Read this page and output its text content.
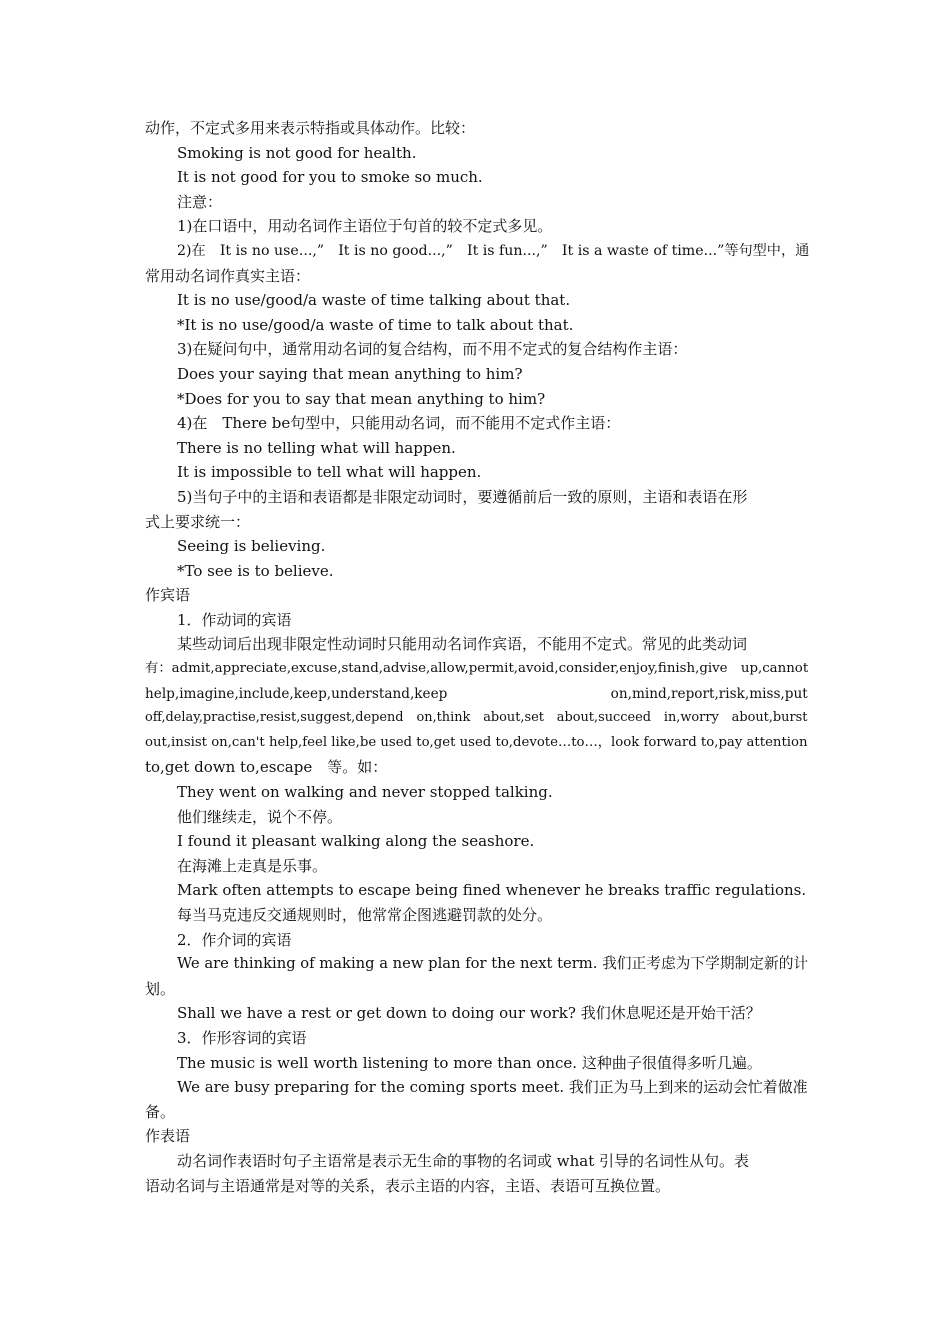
动作，不定式多用来表示特指或具体动作。比较：
Smoking is not good for health.
It is not good for you to smoke so much.
注意：
1)在口语中，用动名词作主语位于句首的较不定式多见。
2)在　It is no use...,”　It is no good...,”　It is fun...,”　It is a waste of time...”等句型中，通
常用动名词作真实主语：
It is no use/good/a waste of time talking about that.
*It is no use/good/a waste of time to talk about that.
3)在疑问句中，通常用动名词的复合结构，而不用不定式的复合结构作主语：
Does your saying that mean anything to him?
*Does for you to say that mean anything to him?
4)在　There be句型中，只能用动名词，而不能用不定式作主语：
There is no telling what will happen.
It is impossible to tell what will happen.
5)当句子中的主语和表语都是非限定动词时，要遵循前后一致的原则，主语和表语在形
式上要求统一：
Seeing is believing.
*To see is to believe.
作宾语
1．作动词的宾语
某些动词后出现非限定性动词时只能用动名词作宾语，不能用不定式。常见的此类动词
有：admit,appreciate,excuse,stand,advise,allow,permit,avoid,consider,enjoy,finish,give　up,cannot
help,imagine,include,keep,understand,keep　　　　　　　　　　　　on,mind,report,risk,miss,put
off,delay,practise,resist,suggest,depend　on,think　about,set　about,succeed　in,worry　about,burst
out,insist on,can't help,feel like,be used to,get used to,devote…to…，look forward to,pay attention
to,get down to,escape　等。如：
They went on walking and never stopped talking.
他们继续走，说个不停。
I found it pleasant walking along the seashore.
在海滩上走真是乐事。
Mark often attempts to escape being fined whenever he breaks traffic regulations.
每当马克违反交通规则时，他常常企图逃避罚款的处分。
2．作介词的宾语
We are thinking of making a new plan for the next term. 我们正考虑为下学期制定新的计
划。
Shall we have a rest or get down to doing our work? 我们休息呢还是开始干活？
3．作形容词的宾语
The music is well worth listening to more than once. 这种曲子很值得多听几遍。
We are busy preparing for the coming sports meet. 我们正为马上到来的运动会忙着做准
备。
作表语
动名词作表语时句子主语常是表示无生命的事物的名词或 what 引导的名词性从句。表
语动名词与主语通常是对等的关系，表示主语的内容，主语、表语可互换位置。
